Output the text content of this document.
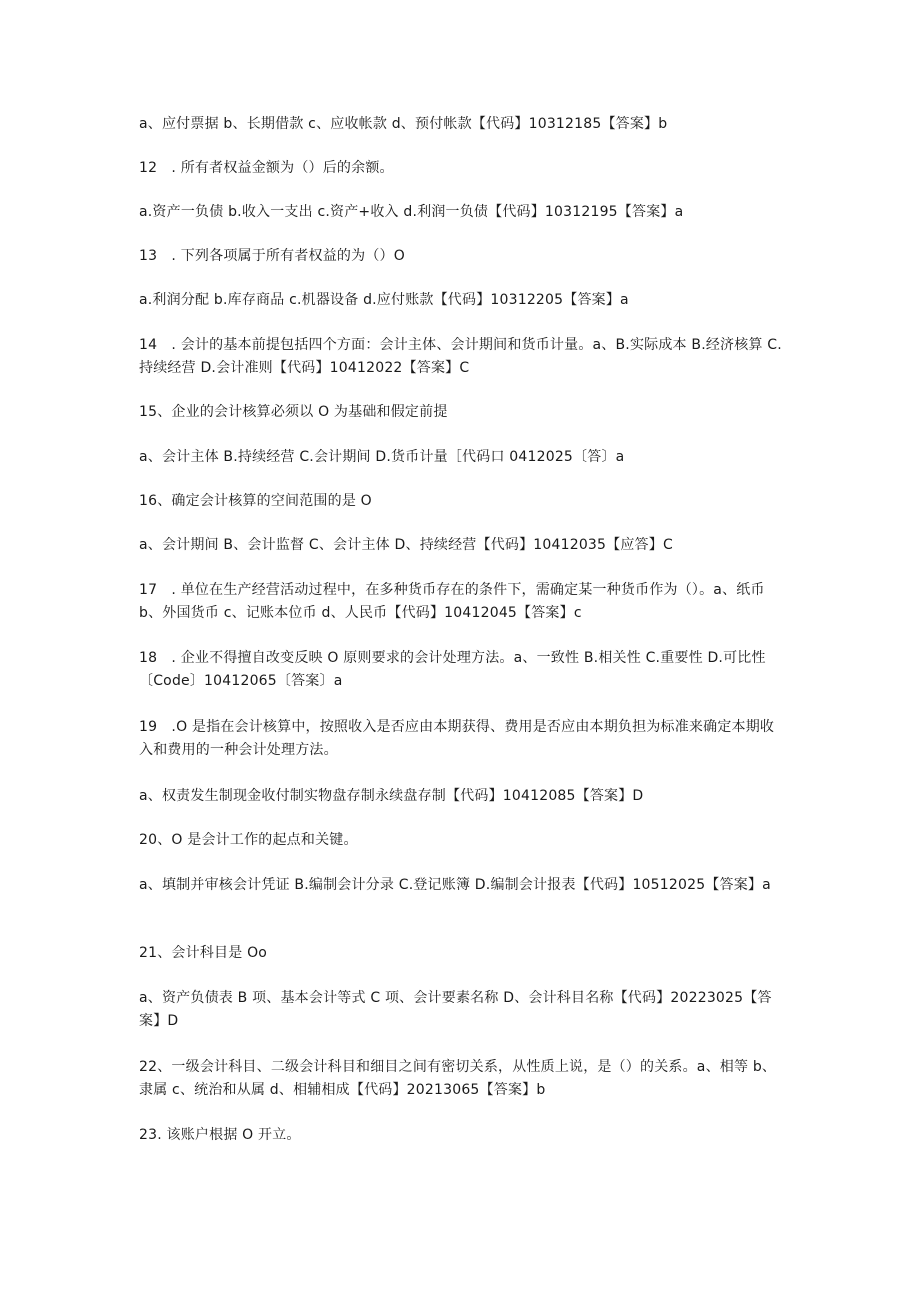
a、应付票据 b、长期借款 c、应收帐款 d、预付帐款【代码】10312185【答案】b

12　. 所有者权益金额为（）后的余额。

a.资产一负债 b.收入一支出 c.资产+收入 d.利润一负债【代码】10312195【答案】a

13　. 下列各项属于所有者权益的为（）O

a.利润分配 b.库存商品 c.机器设备 d.应付账款【代码】10312205【答案】a

14　. 会计的基本前提包括四个方面：会计主体、会计期间和货币计量。a、B.实际成本 B.经济核算 C.持续经营 D.会计准则【代码】10412022【答案】C

15、企业的会计核算必须以 O 为基础和假定前提

a、会计主体 B.持续经营 C.会计期间 D.货币计量［代码口 0412025〔答〕a

16、确定会计核算的空间范围的是 O

a、会计期间 B、会计监督 C、会计主体 D、持续经营【代码】10412035【应答】C

17　. 单位在生产经营活动过程中，在多种货币存在的条件下，需确定某一种货币作为（）。a、纸币 b、外国货币 c、记账本位币 d、人民币【代码】10412045【答案】c

18　. 企业不得擅自改变反映 O 原则要求的会计处理方法。a、一致性 B.相关性 C.重要性 D.可比性〔Code〕10412065〔答案〕a

19　.O 是指在会计核算中，按照收入是否应由本期获得、费用是否应由本期负担为标准来确定本期收入和费用的一种会计处理方法。

a、权责发生制现金收付制实物盘存制永续盘存制【代码】10412085【答案】D

20、O 是会计工作的起点和关键。

a、填制并审核会计凭证 B.编制会计分录 C.登记账簿 D.编制会计报表【代码】10512025【答案】a

21、会计科目是 Oo

a、资产负债表 B 项、基本会计等式 C 项、会计要素名称 D、会计科目名称【代码】20223025【答案】D

22、一级会计科目、二级会计科目和细目之间有密切关系，从性质上说，是（）的关系。a、相等 b、隶属 c、统治和从属 d、相辅相成【代码】20213065【答案】b

23. 该账户根据 O 开立。
